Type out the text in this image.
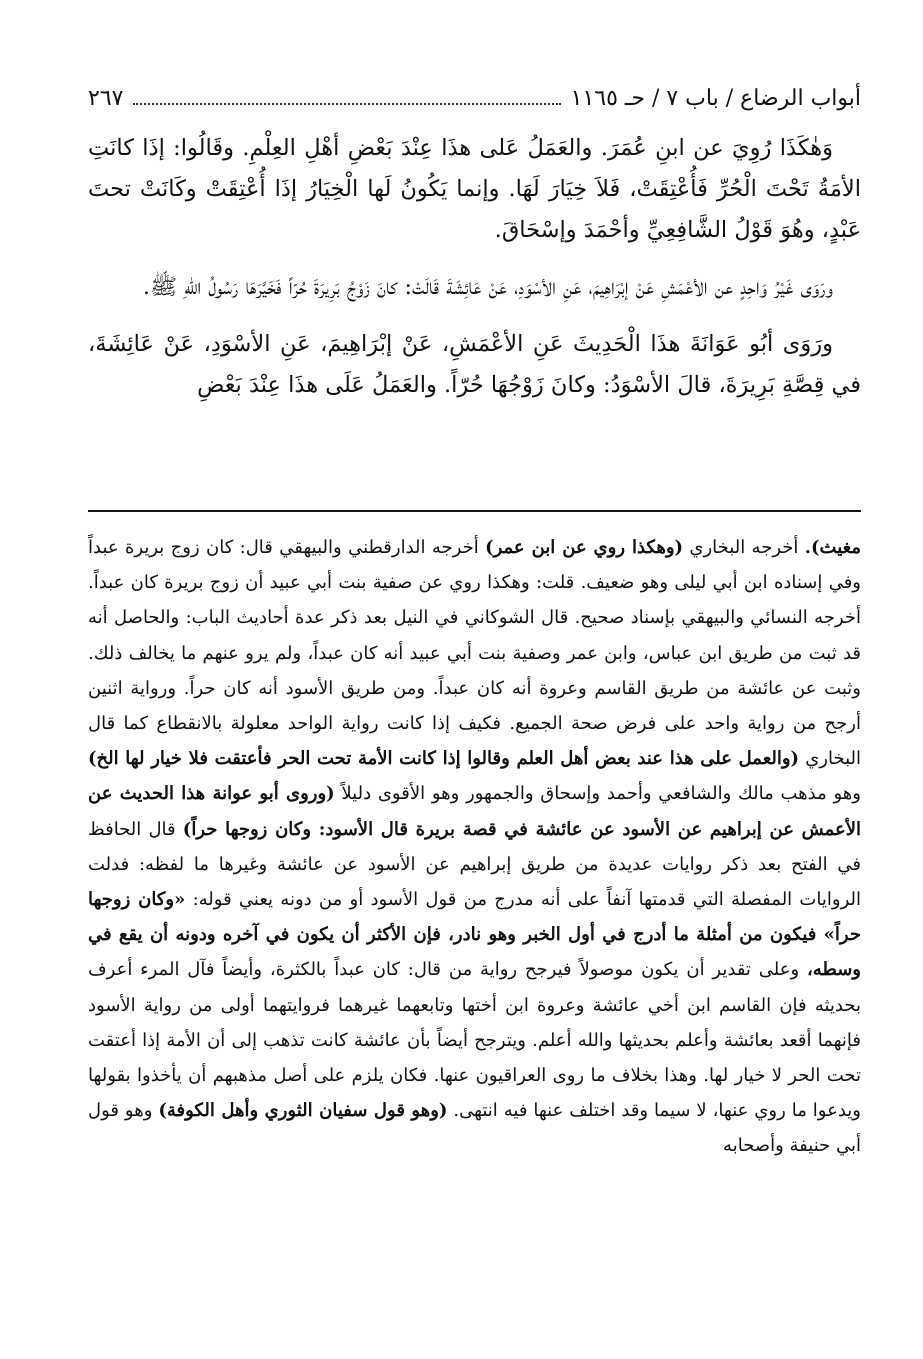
أبواب الرضاع / باب ٧ / حـ ١١٦٥
٢٦٧

وَهٰكَذَا رُوِيَ عن ابنِ عُمَرَ. والعَمَلُ عَلى هذَا عِنْدَ بَعْضِ أهْلِ العِلْمِ. وقَالُوا: إذَا كانَتِ الأمَةُ تَحْتَ الْحُرِّ فَأُعْتِقَتْ، فَلاَ خِيَارَ لَهَا. وإنما يَكُونُ لَها الْخِيَارُ إذَا أُعْتِقَتْ وكَانَتْ تحتَ عَبْدٍ، وهُوَ قَوْلُ الشَّافِعِيِّ وأحْمَدَ وإسْحَاقَ.

ورَوَى غَيْرُ وَاحِدٍ عن الأعْمَشِ عَنْ إبْرَاهِيمَ، عَنِ الأسْوَدِ، عَنْ عَائِشَةَ قَالَتْ: كانَ زَوْجُ بَرِيرَةَ حُرّاً فَخَيَّرَهَا رَسُولُ اللهِ ﷺ.

ورَوَى أبُو عَوَانَةَ هذَا الْحَدِيثَ عَنِ الأعْمَشِ، عَنْ إبْرَاهِيمَ، عَنِ الأسْوَدِ، عَنْ عَائِشَةَ، في قِصَّةِ بَرِيرَةَ، قالَ الأسْوَدُ: وكانَ زَوْجُهَا حُرّاً. والعَمَلُ عَلَى هذَا عِنْدَ بَعْضِ

مغيث). أخرجه البخاري (وهكذا روي عن ابن عمر) أخرجه الدارقطني والبيهقي قال: كان زوج بريرة عبداً وفي إسناده ابن أبي ليلى وهو ضعيف. قلت: وهكذا روي عن صفية بنت أبي عبيد أن زوج بريرة كان عبداً. أخرجه النسائي والبيهقي بإسناد صحيح. قال الشوكاني في النيل بعد ذكر عدة أحاديث الباب: والحاصل أنه قد ثبت من طريق ابن عباس، وابن عمر وصفية بنت أبي عبيد أنه كان عبداً، ولم يرو عنهم ما يخالف ذلك. وثبت عن عائشة من طريق القاسم وعروة أنه كان عبداً. ومن طريق الأسود أنه كان حراً. ورواية اثنين أرجح من رواية واحد على فرض صحة الجميع. فكيف إذا كانت رواية الواحد معلولة بالانقطاع كما قال البخاري (والعمل على هذا عند بعض أهل العلم وقالوا إذا كانت الأمة تحت الحر فأعتقت فلا خيار لها الخ) وهو مذهب مالك والشافعي وأحمد وإسحاق والجمهور وهو الأقوى دليلاً (وروى أبو عوانة هذا الحديث عن الأعمش عن إبراهيم عن الأسود عن عائشة في قصة بريرة قال الأسود: وكان زوجها حراً) قال الحافظ في الفتح بعد ذكر روايات عديدة من طريق إبراهيم عن الأسود عن عائشة وغيرها ما لفظه: فدلت الروايات المفصلة التي قدمتها آنفاً على أنه مدرج من قول الأسود أو من دونه يعني قوله: «وكان زوجها حراً» فيكون من أمثلة ما أدرج في أول الخبر وهو نادر، فإن الأكثر أن يكون في آخره ودونه أن يقع في وسطه، وعلى تقدير أن يكون موصولاً فيرجح رواية من قال: كان عبداً بالكثرة، وأيضاً فآل المرء أعرف بحديثه فإن القاسم ابن أخي عائشة وعروة ابن أختها وتابعهما غيرهما فروايتهما أولى من رواية الأسود فإنهما أقعد بعائشة وأعلم بحديثها والله أعلم. ويترجح أيضاً بأن عائشة كانت تذهب إلى أن الأمة إذا أعتقت تحت الحر لا خيار لها. وهذا بخلاف ما روى العراقيون عنها. فكان يلزم على أصل مذهبهم أن يأخذوا بقولها ويدعوا ما روي عنها، لا سيما وقد اختلف عنها فيه انتهى. (وهو قول سفيان الثوري وأهل الكوفة) وهو قول أبي حنيفة وأصحابه
